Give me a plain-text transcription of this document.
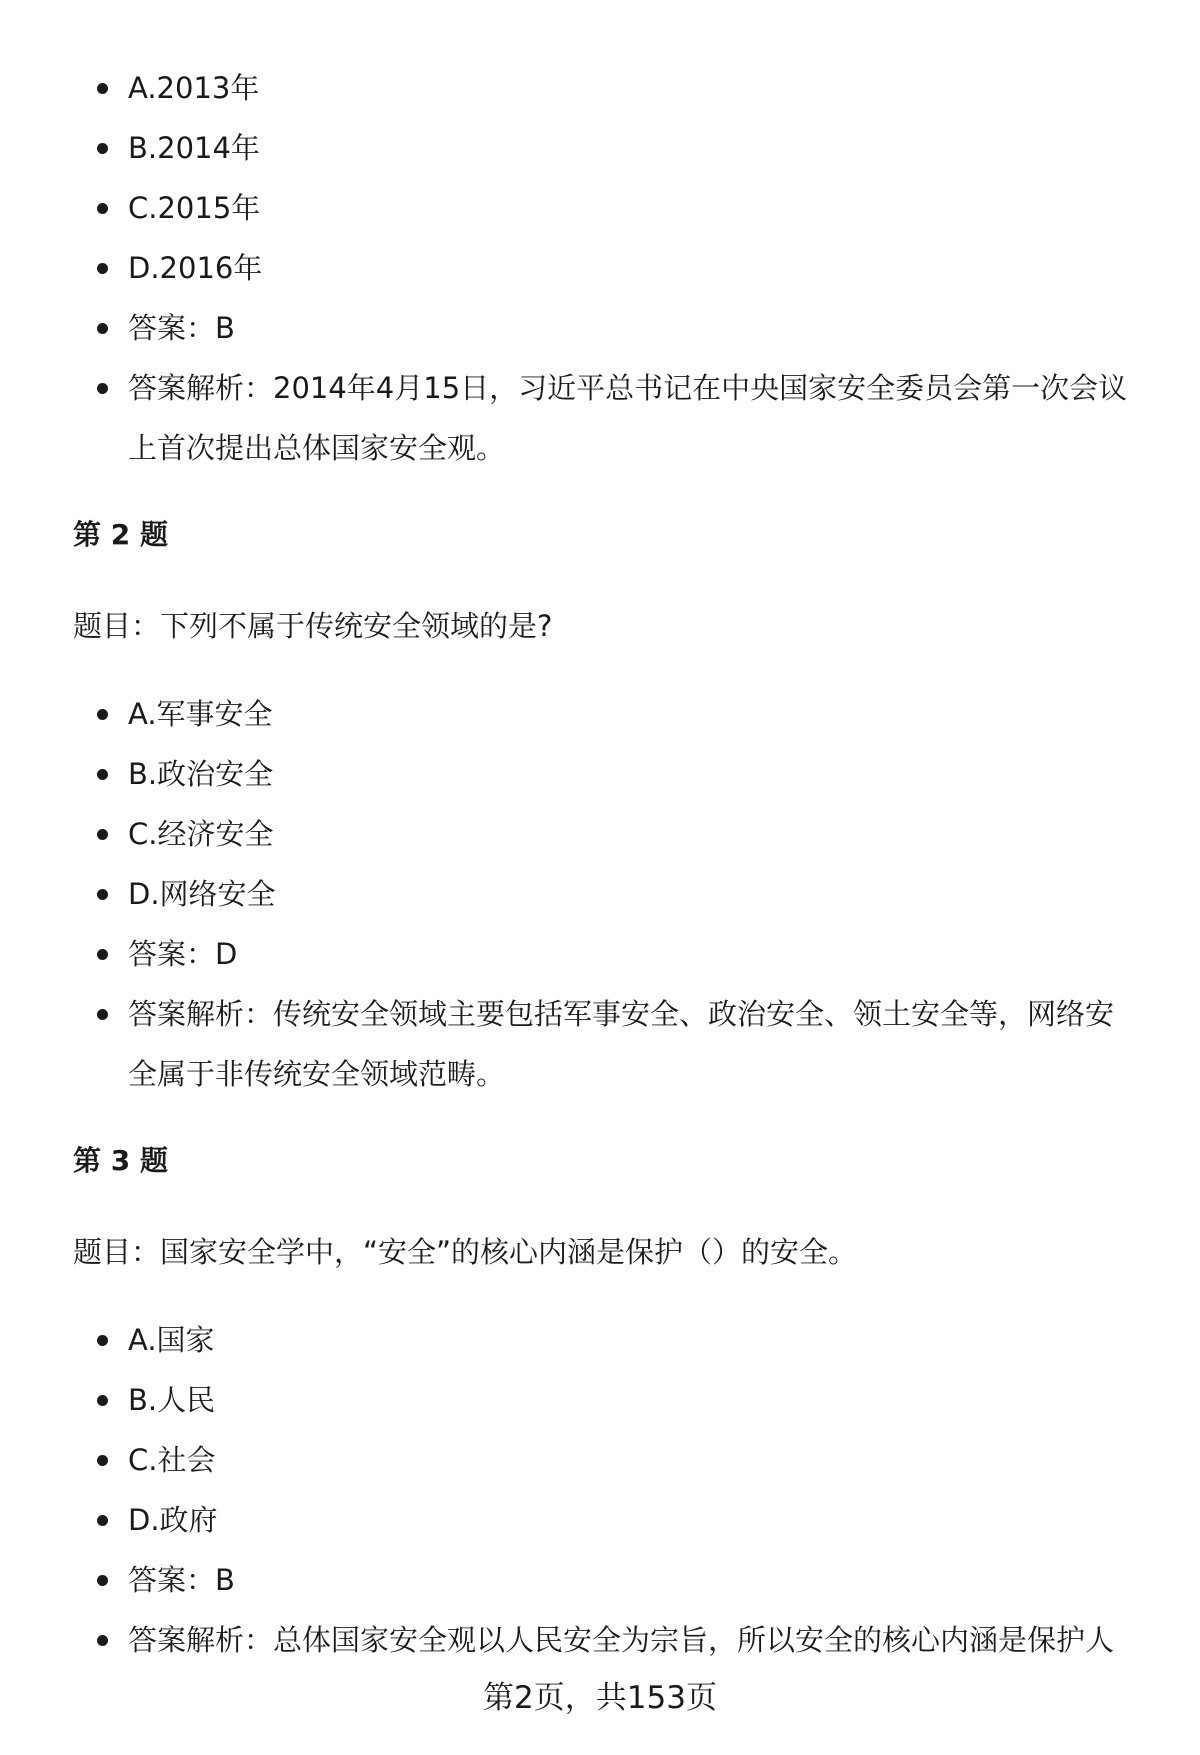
A.2013年
B.2014年
C.2015年
D.2016年
答案：B
答案解析：2014年4月15日，习近平总书记在中央国家安全委员会第一次会议上首次提出总体国家安全观。
第 2 题

题目：下列不属于传统安全领域的是?

A.军事安全
B.政治安全
C.经济安全
D.网络安全
答案：D
答案解析：传统安全领域主要包括军事安全、政治安全、领土安全等，网络安全属于非传统安全领域范畴。
第 3 题

题目：国家安全学中，“安全”的核心内涵是保护（）的安全。

A.国家
B.人民
C.社会
D.政府
答案：B
答案解析：总体国家安全观以人民安全为宗旨，所以安全的核心内涵是保护人
第2页，共153页
